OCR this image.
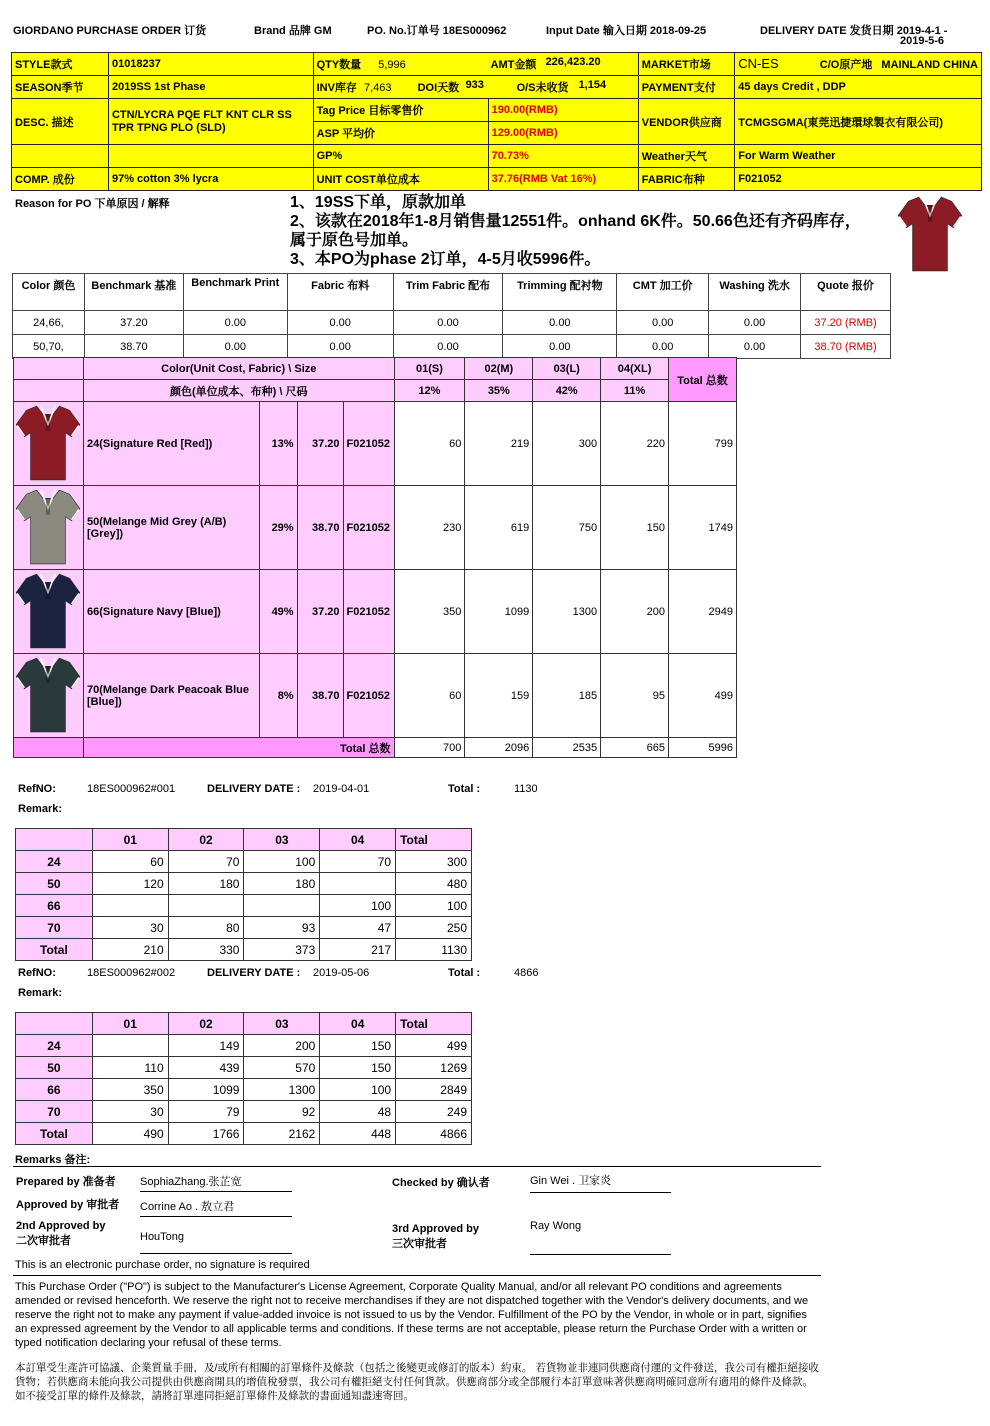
GIORDANO PURCHASE ORDER 订货	Brand 品牌 GM	PO. No.订单号 18ES000962	Input Date 输入日期 2018-09-25	DELIVERY DATE 发货日期 2019-4-1 -
2019-5-6
STYLE款式	01018237	QTY数量 5,996 AMT金额 226,423.20		MARKET市场	CN-ES C/O原产地 MAINLAND CHINA
SEASON季节	2019SS 1st Phase	INV库存 7,463 DOI天数 933 O/S未收货 1,154		PAYMENT支付	45 days Credit , DDP
DESC. 描述	CTN/LYCRA PQE FLT KNT CLR SS TPR TPNG PLO (SLD)	Tag Price 目标零售价	190.00(RMB)	VENDOR供应商	TCMGSGMA(東莞迅捷環球製衣有限公司)
		ASP 平均价	129.00(RMB)		
		GP%	70.73%	Weather天气	For Warm Weather
COMP. 成份	97% cotton 3% lycra	UNIT COST单位成本	37.76(RMB Vat 16%)	FABRIC布种	F021052
Reason for PO 下单原因 / 解释	1、19SS下单，原款加单
2、该款在2018年1-8月销售量12551件。onhand 6K件。50.66色还有齐码库存，
属于原色号加单。
3、本PO为phase 2订单，4-5月收5996件。
Color 颜色	Benchmark 基准	Benchmark Print	Fabric 布料	Trim Fabric 配布	Trimming 配衬物	CMT 加工价	Washing 洗水	Quote 报价
24,66,	37.20	0.00	0.00	0.00	0.00	0.00	0.00	37.20 (RMB)
50,70,	38.70	0.00	0.00	0.00	0.00	0.00	0.00	38.70 (RMB)
	Color(Unit Cost, Fabric) \ Size				01(S)	02(M)	03(L)	04(XL)	Total 总数
	颜色(单位成本、布种) \ 尺码				12%	35%	42%	11%	
	24(Signature Red [Red])	13%	37.20	F021052	60	219	300	220	799
	50(Melange Mid Grey (A/B) [Grey])	29%	38.70	F021052	230	619	750	150	1749
	66(Signature Navy [Blue])	49%	37.20	F021052	350	1099	1300	200	2949
	70(Melange Dark Peacoak Blue [Blue])	8%	38.70	F021052	60	159	185	95	499
	Total 总数				700	2096	2535	665	5996
RefNO:	18ES000962#001	DELIVERY DATE : 2019-04-01	Total :	1130
Remark:
	01	02	03	04	Total
24	60	70	100	70	300
50	120	180	180		480
66				100	100
70	30	80	93	47	250
Total	210	330	373	217	1130
RefNO:	18ES000962#002	DELIVERY DATE : 2019-05-06	Total :	4866
Remark:
	01	02	03	04	Total
24		149	200	150	499
50	110	439	570	150	1269
66	350	1099	1300	100	2849
70	30	79	92	48	249
Total	490	1766	2162	448	4866
Remarks 备注:
Prepared by 准备者 SophiaZhang.张芷宽	Checked by 确认者	Gin Wei . 卫家炎
Approved by 审批者 Corrine Ao . 敖立君
2nd Approved by
二次审批者	HouTong
3rd Approved by
三次审批者
Ray Wong
This is an electronic purchase order, no signature is required
This Purchase Order ("PO") is subject to the Manufacturer's License Agreement, Corporate Quality Manual, and/or all relevant PO conditions and agreements amended or revised henceforth. We reserve the right not to receive merchandises if they are not dispatched together with the Vendor's delivery documents, and we reserve the right not to make any payment if value-added invoice is not issued to us by the Vendor. Fulfillment of the PO by the Vendor, in whole or in part, signifies an expressed agreement by the Vendor to all applicable terms and conditions. If these terms are not acceptable, please return the Purchase Order with a written or typed notification declaring your refusal of these terms.
本訂單受生產許可協議、企業質量手冊，及/或所有相關的訂單條件及條款（包括之後變更或修訂的版本）約束。 若貨物並非連同供應商付運的文件發送，我公司有權拒絕接收貨物；若供應商未能向我公司提供由供應商開具的增值稅發票，我公司有權拒絕支付任何貨款。供應商部分或全部履行本訂單意味著供應商明確同意所有適用的條件及條款。如不接受訂單的條件及條款，請將訂單連同拒絕訂單條件及條款的書面通知盡速寄回。
